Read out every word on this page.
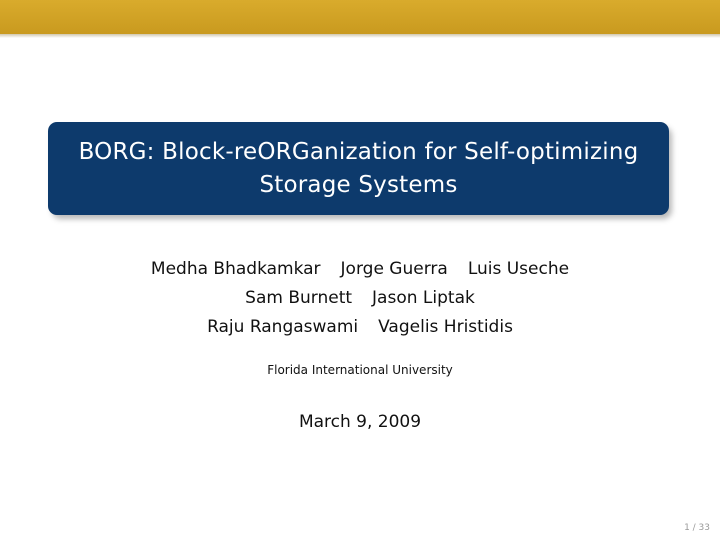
BORG: Block-reORGanization for Self-optimizing
Storage Systems
Medha Bhadkamkar Jorge Guerra Luis Useche
Sam Burnett Jason Liptak
Raju Rangaswami Vagelis Hristidis
Florida International University
March 9, 2009
1 / 33
